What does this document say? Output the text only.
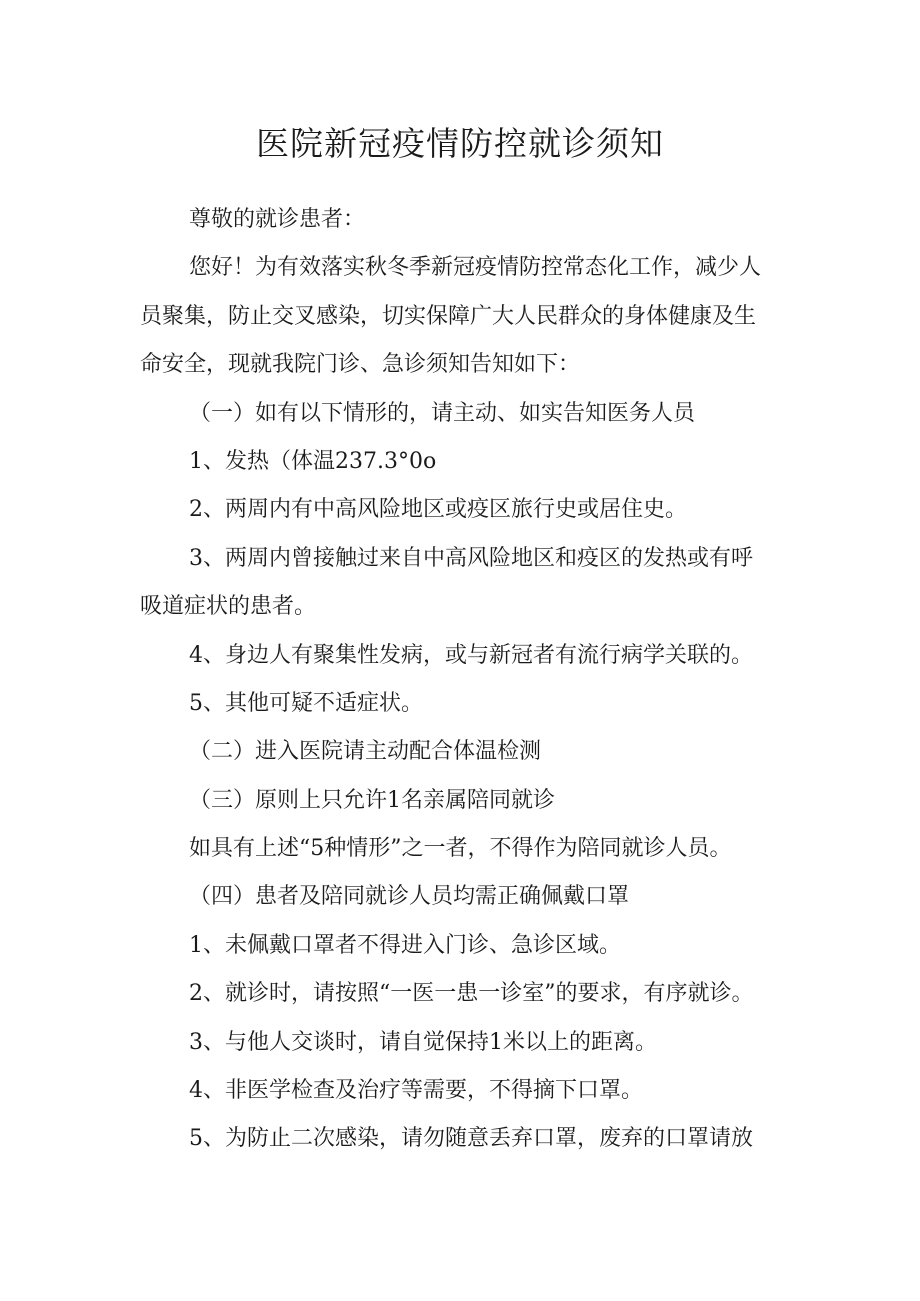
医院新冠疫情防控就诊须知
尊敬的就诊患者：
您好！为有效落实秋冬季新冠疫情防控常态化工作，减少人
员聚集，防止交叉感染，切实保障广大人民群众的身体健康及生
命安全，现就我院门诊、急诊须知告知如下：
（一）如有以下情形的，请主动、如实告知医务人员
1、发热（体温237.3°0o
2、两周内有中高风险地区或疫区旅行史或居住史。
3、两周内曾接触过来自中高风险地区和疫区的发热或有呼
吸道症状的患者。
4、身边人有聚集性发病，或与新冠者有流行病学关联的。
5、其他可疑不适症状。
（二）进入医院请主动配合体温检测
（三）原则上只允许1名亲属陪同就诊
如具有上述“5种情形”之一者，不得作为陪同就诊人员。
（四）患者及陪同就诊人员均需正确佩戴口罩
1、未佩戴口罩者不得进入门诊、急诊区域。
2、就诊时，请按照“一医一患一诊室”的要求，有序就诊。
3、与他人交谈时，请自觉保持1米以上的距离。
4、非医学检查及治疗等需要，不得摘下口罩。
5、为防止二次感染，请勿随意丢弃口罩，废弃的口罩请放
